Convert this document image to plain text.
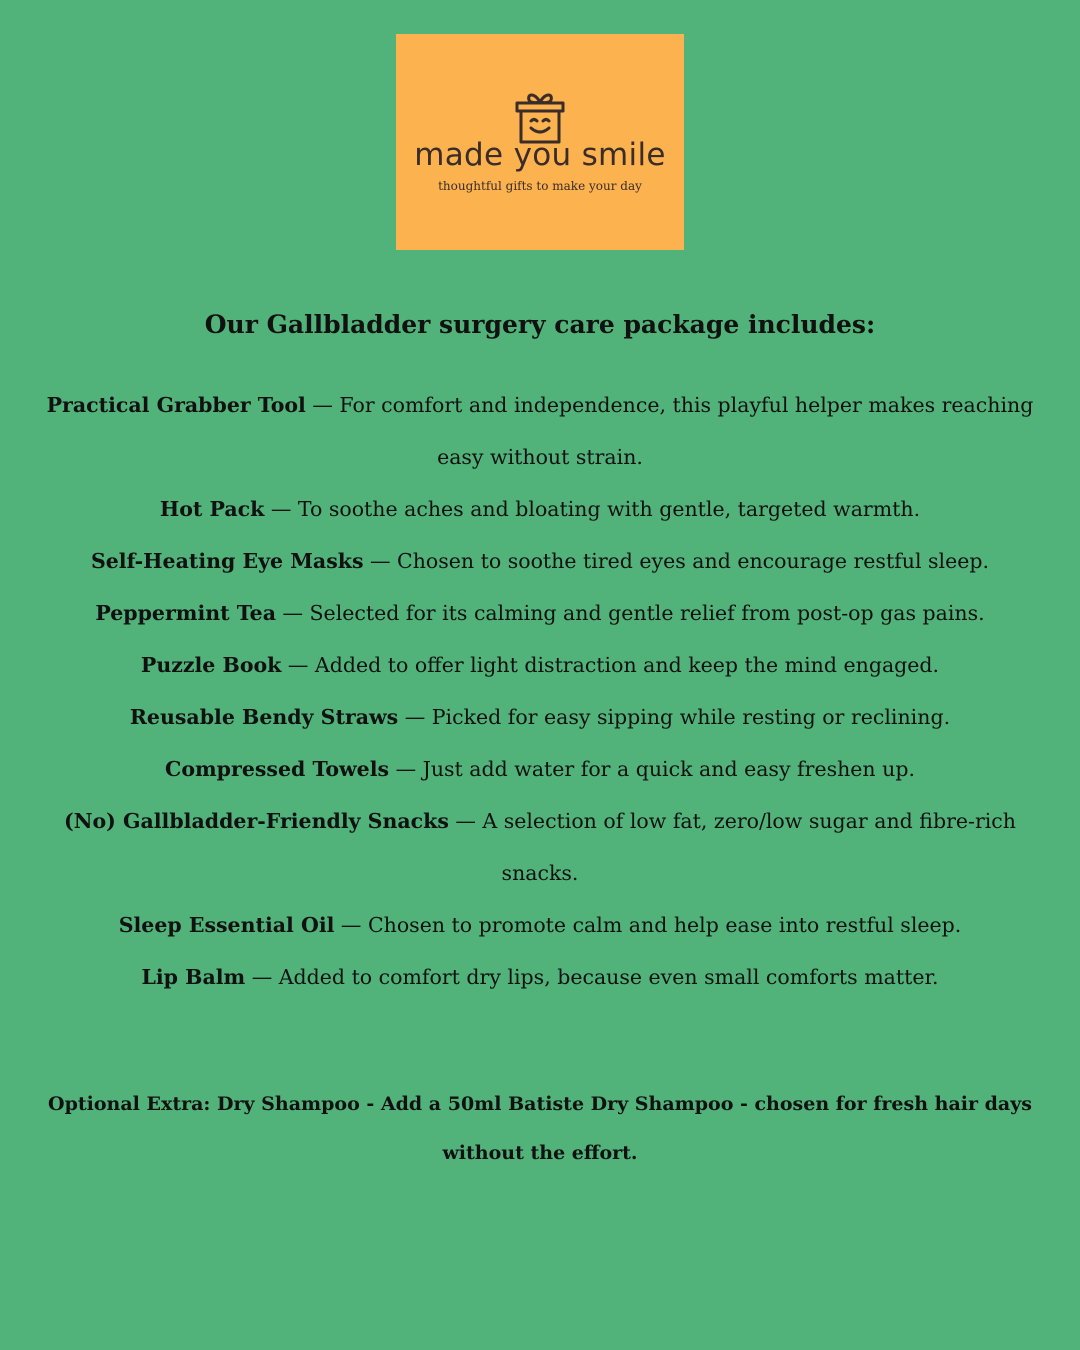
made you smile
thoughtful gifts to make your day
Our Gallbladder surgery care package includes:

Practical Grabber Tool — For comfort and independence, this playful helper makes reaching easy without strain.

Hot Pack — To soothe aches and bloating with gentle, targeted warmth.

Self-Heating Eye Masks — Chosen to soothe tired eyes and encourage restful sleep.

Peppermint Tea — Selected for its calming and gentle relief from post-op gas pains.

Puzzle Book — Added to offer light distraction and keep the mind engaged.

Reusable Bendy Straws — Picked for easy sipping while resting or reclining.

Compressed Towels — Just add water for a quick and easy freshen up.

(No) Gallbladder-Friendly Snacks — A selection of low fat, zero/low sugar and fibre-rich snacks.

Sleep Essential Oil — Chosen to promote calm and help ease into restful sleep.

Lip Balm — Added to comfort dry lips, because even small comforts matter.

Optional Extra: Dry Shampoo - Add a 50ml Batiste Dry Shampoo - chosen for fresh hair days without the effort.
